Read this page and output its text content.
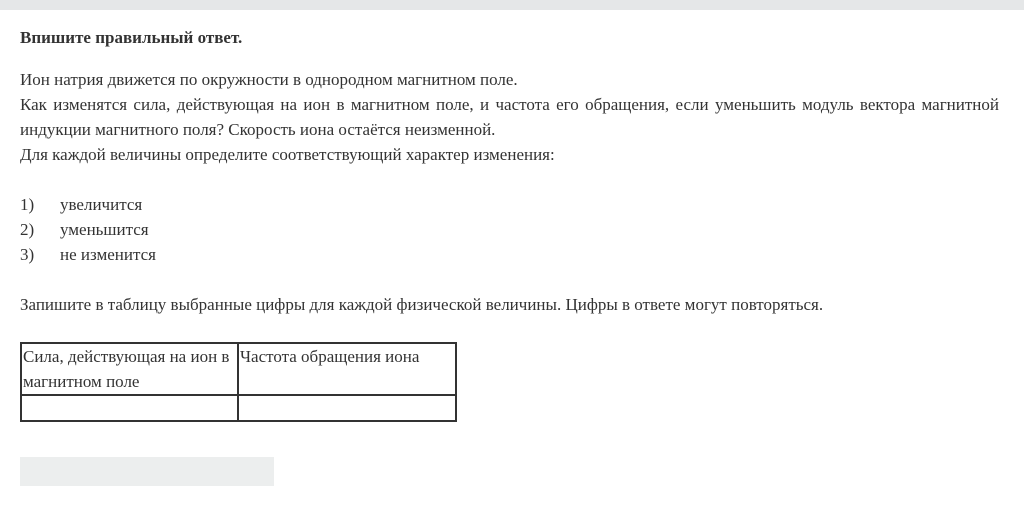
Впишите правильный ответ.

Ион натрия движется по окружности в однородном магнитном поле.

Как изменятся сила, действующая на ион в магнитном поле, и частота его обращения, если уменьшить модуль вектора магнитной индукции магнитного поля? Скорость иона остаётся неизменной.

Для каждой величины определите соответствующий характер изменения:

1)	увеличится
2)	уменьшится
3)	не изменится

Запишите в таблицу выбранные цифры для каждой физической величины. Цифры в ответе могут повторяться.

Сила, действующая на ион в магнитном поле	Частота обращения иона
